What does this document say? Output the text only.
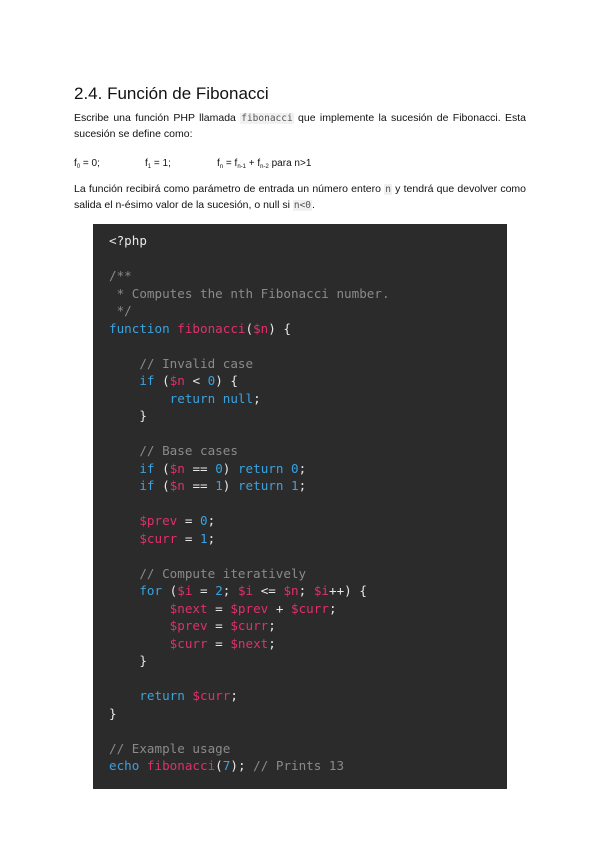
2.4. Función de Fibonacci
Escribe una función PHP llamada fibonacci que implemente la sucesión de Fibonacci. Esta sucesión se define como:
$f_0 = 0$;	$f_1 = 1$;	$f_n = f_{n-1} + f_{n-2}$ para n>1
La función recibirá como parámetro de entrada un número entero n y tendrá que devolver como salida el n-ésimo valor de la sucesión, o null si n<0.
<?php

/**
* Computes the nth Fibonacci number.
*/
function fibonacci($n) {

// Invalid case
if ($n < 0) {
return null;
}

// Base cases
if ($n == 0) return 0;
if ($n == 1) return 1;

$prev = 0;
$curr = 1;

// Compute iteratively
for ($i = 2; $i <= $n; $i++) {
$next = $prev + $curr;
$prev = $curr;
$curr = $next;
}

return $curr;
}

// Example usage
echo fibonacci(7); // Prints 13
